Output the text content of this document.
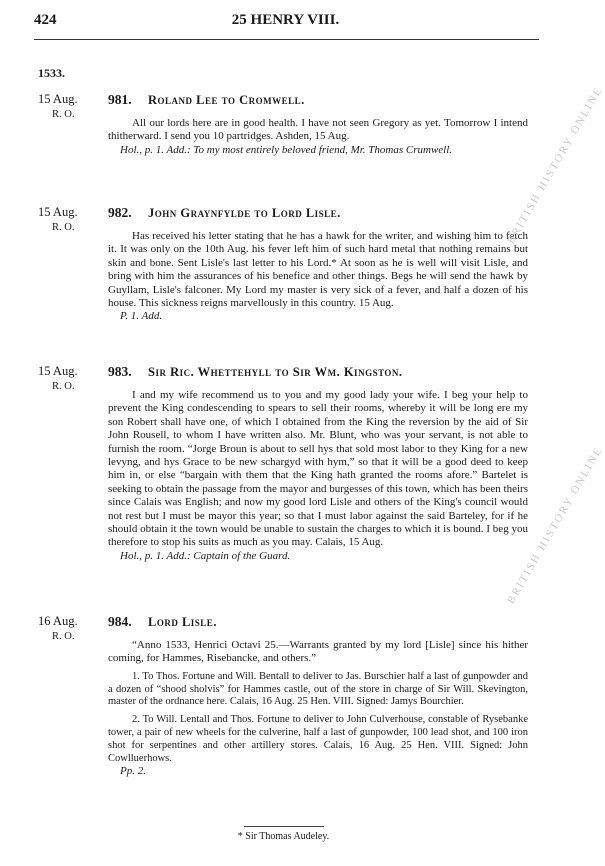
424	25 HENRY VIII.
1533.
15 Aug.
R. O.
981. Roland Lee to Cromwell.

All our lords here are in good health. I have not seen Gregory as yet. Tomorrow I intend thitherward. I send you 10 partridges. Ashden, 15 Aug.

Hol., p. 1. Add.: To my most entirely beloved friend, Mr. Thomas Crumwell.

15 Aug.
R. O.
982. John Graynfylde to Lord Lisle.

Has received his letter stating that he has a hawk for the writer, and wishing him to fetch it. It was only on the 10th Aug. his fever left him of such hard metal that nothing remains but skin and bone. Sent Lisle's last letter to his Lord.* At soon as he is well will visit Lisle, and bring with him the assurances of his benefice and other things. Begs he will send the hawk by Guyllam, Lisle's falconer. My Lord my master is very sick of a fever, and half a dozen of his house. This sickness reigns marvellously in this country. 15 Aug.

P. 1. Add.

15 Aug.
R. O.
983. Sir Ric. Whettehyll to Sir Wm. Kingston.

I and my wife recommend us to you and my good lady your wife. I beg your help to prevent the King condescending to spears to sell their rooms, whereby it will be long ere my son Robert shall have one, of which I obtained from the King the reversion by the aid of Sir John Rousell, to whom I have written also. Mr. Blunt, who was your servant, is not able to furnish the room. “Jorge Broun is about to sell hys that sold most labor to they King for a new levyng, and hys Grace to be new schargyd with hym,” so that it will be a good deed to keep him in, or else “bargain with them that the King hath granted the rooms afore.” Bartelet is seeking to obtain the passage from the mayor and burgesses of this town, which has been theirs since Calais was English; and now my good lord Lisle and others of the King's council would not rest but I must be mayor this year; so that I must labor against the said Barteley, for if he should obtain it the town would be unable to sustain the charges to which it is bound. I beg you therefore to stop his suits as much as you may. Calais, 15 Aug.

Hol., p. 1. Add.: Captain of the Guard.

16 Aug.
R. O.
984. Lord Lisle.

“Anno 1533, Henrici Octavi 25.—Warrants granted by my lord [Lisle] since his hither coming, for Hammes, Risebancke, and others.”

1. To Thos. Fortune and Will. Bentall to deliver to Jas. Burschier half a last of gunpowder and a dozen of “shood sholvis” for Hammes castle, out of the store in charge of Sir Will. Skevington, master of the ordnance here. Calais, 16 Aug. 25 Hen. VIII. Signed: Jamys Bourchier.

2. To Will. Lentall and Thos. Fortune to deliver to John Culverhouse, constable of Rysebanke tower, a pair of new wheels for the culverine, half a last of gunpowder, 100 lead shot, and 100 iron shot for serpentines and other artillery stores. Calais, 16 Aug. 25 Hen. VIII. Signed: John Cowlluerhows.

Pp. 2.

* Sir Thomas Audeley.
BRITISH HISTORY ONLINE
BRITISH HISTORY ONLINE
